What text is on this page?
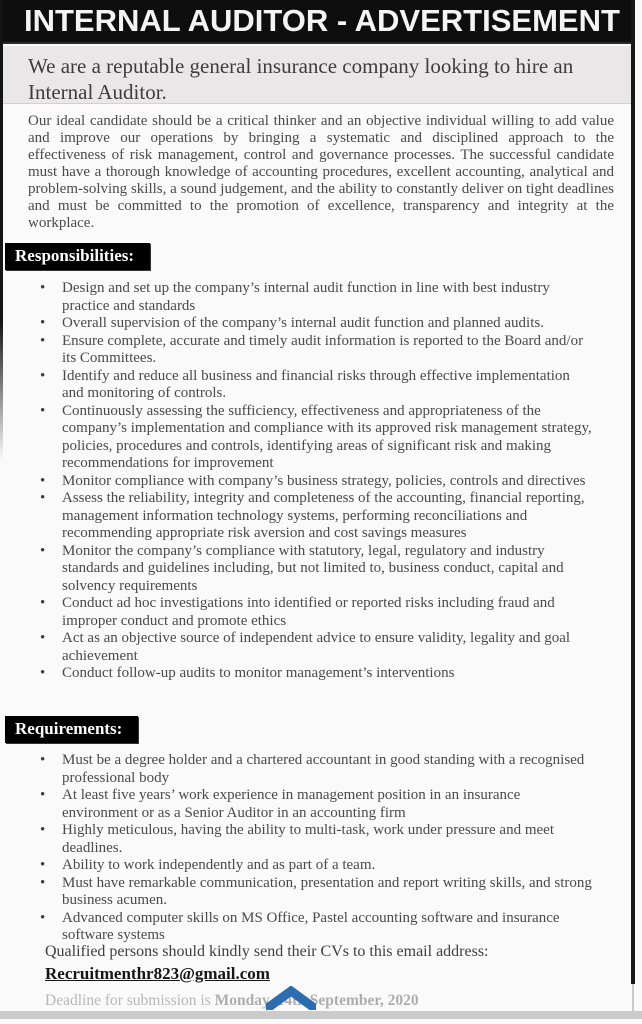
INTERNAL AUDITOR - ADVERTISEMENT

We are a reputable general insurance company looking to hire an Internal Auditor.

Our ideal candidate should be a critical thinker and an objective individual willing to add value and improve our operations by bringing a systematic and disciplined approach to the effectiveness of risk management, control and governance processes. The successful candidate must have a thorough knowledge of accounting procedures, excellent accounting, analytical and problem-solving skills, a sound judgement, and the ability to constantly deliver on tight deadlines and must be committed to the promotion of excellence, transparency and integrity at the workplace.

Responsibilities:
• Design and set up the company’s internal audit function in line with best industry practice and standards
• Overall supervision of the company’s internal audit function and planned audits.
• Ensure complete, accurate and timely audit information is reported to the Board and/or its Committees.
• Identify and reduce all business and financial risks through effective implementation and monitoring of controls.
• Continuously assessing the sufficiency, effectiveness and appropriateness of the company’s implementation and compliance with its approved risk management strategy, policies, procedures and controls, identifying areas of significant risk and making recommendations for improvement
• Monitor compliance with company’s business strategy, policies, controls and directives
• Assess the reliability, integrity and completeness of the accounting, financial reporting, management information technology systems, performing reconciliations and recommending appropriate risk aversion and cost savings measures
• Monitor the company’s compliance with statutory, legal, regulatory and industry standards and guidelines including, but not limited to, business conduct, capital and solvency requirements
• Conduct ad hoc investigations into identified or reported risks including fraud and improper conduct and promote ethics
• Act as an objective source of independent advice to ensure validity, legality and goal achievement
• Conduct follow-up audits to monitor management’s interventions
Requirements:
• Must be a degree holder and a chartered accountant in good standing with a recognised professional body
• At least five years’ work experience in management position in an insurance environment or as a Senior Auditor in an accounting firm
• Highly meticulous, having the ability to multi-task, work under pressure and meet deadlines.
• Ability to work independently and as part of a team.
• Must have remarkable communication, presentation and report writing skills, and strong business acumen.
• Advanced computer skills on MS Office, Pastel accounting software and insurance software systems

Qualified persons should kindly send their CVs to this email address:

Recruitmenthr823@gmail.com

Deadline for submission is Monday, 14th September, 2020
